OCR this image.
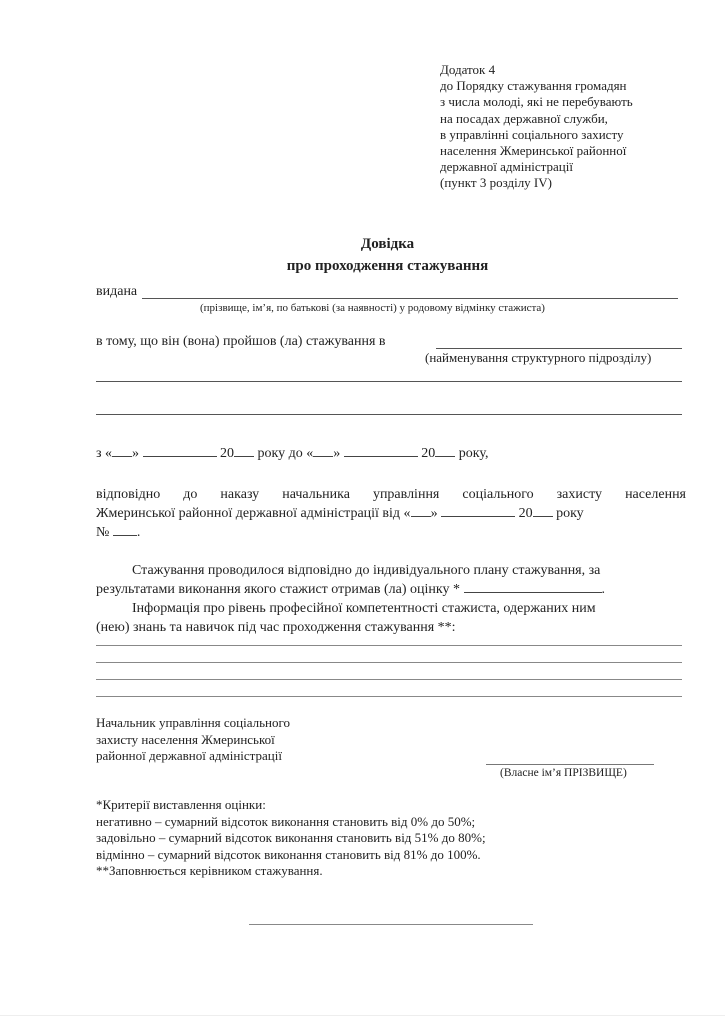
Додаток 4
до Порядку стажування громадян
з числа молоді, які не перебувають
на посадах державної служби,
в управлінні соціального захисту
населення Жмеринської районної
державної адміністрації
(пункт 3 розділу IV)
Довідка
про проходження стажування
видана
(прізвище, ім’я, по батькові (за наявності) у родовому відмінку стажиста)
в тому, що він (вона) пройшов (ла) стажування в
(найменування структурного підрозділу)
з « »	20 року до « »	20 року,
відповідно до наказу начальника управління соціального захисту населення
Жмеринської районної державної адміністрації від « »	20 року
№ .
Стажування проводилося відповідно до індивідуального плану стажування, за
результатами виконання якого стажист отримав (ла) оцінку *	.
Інформація про рівень професійної компетентності стажиста, одержаних ним
(нею) знань та навичок під час проходження стажування **:
Начальник управління соціального
захисту населення Жмеринської
районної державної адміністрації
(Власне ім’я ПРІЗВИЩЕ)
*Критерії виставлення оцінки:
негативно – сумарний відсоток виконання становить від 0% до 50%;
задовільно – сумарний відсоток виконання становить від 51% до 80%;
відмінно – сумарний відсоток виконання становить від 81% до 100%.
**Заповнюється керівником стажування.
